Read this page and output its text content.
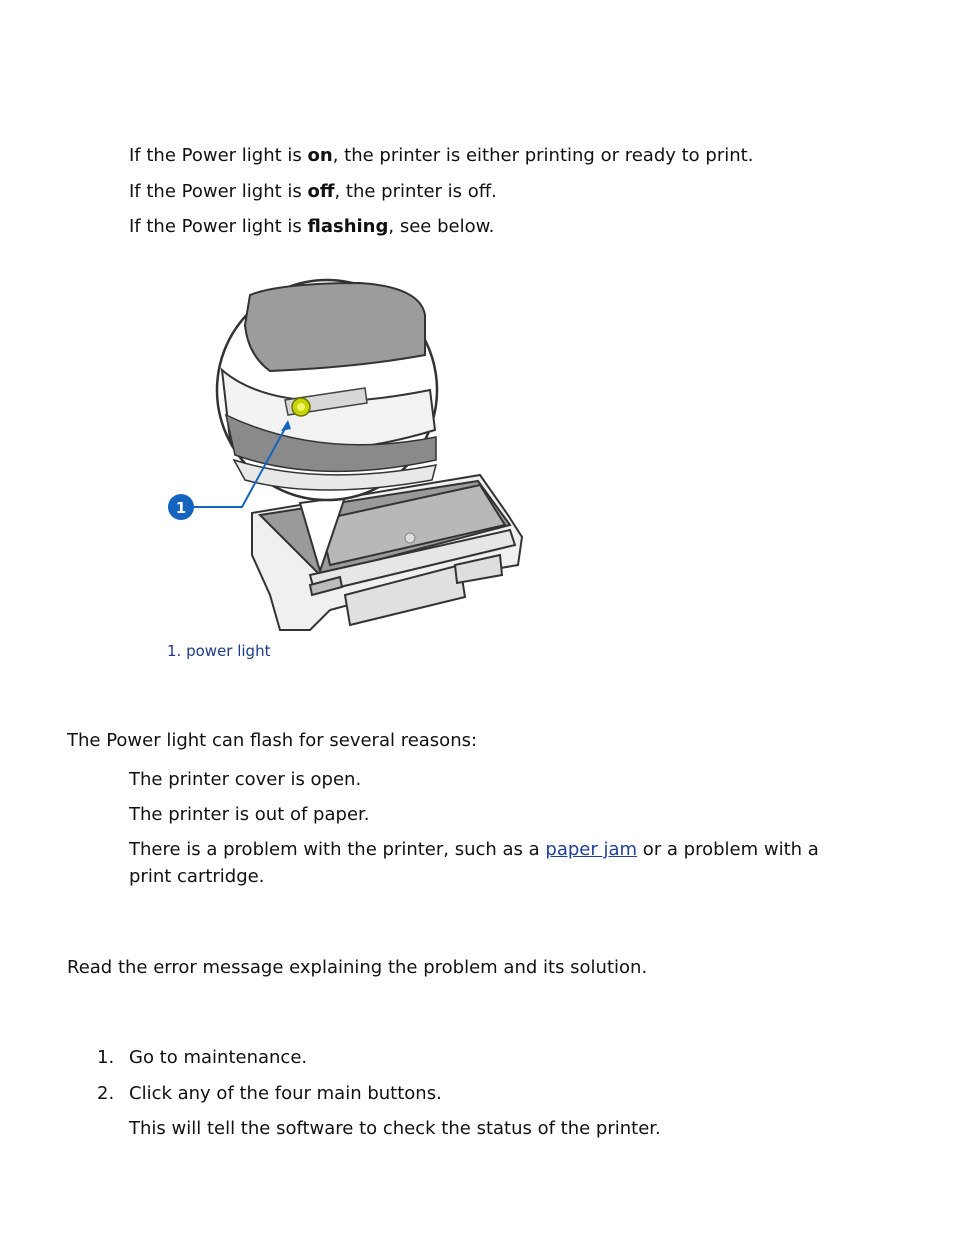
If the Power light is on, the printer is either printing or ready to print.
If the Power light is off, the printer is off.
If the Power light is flashing, see below.
1
1. power light
The Power light can flash for several reasons:
The printer cover is open.
The printer is out of paper.
There is a problem with the printer, such as a paper jam or a problem with a
print cartridge.
Read the error message explaining the problem and its solution.
1. Go to maintenance.
2. Click any of the four main buttons.
This will tell the software to check the status of the printer.
